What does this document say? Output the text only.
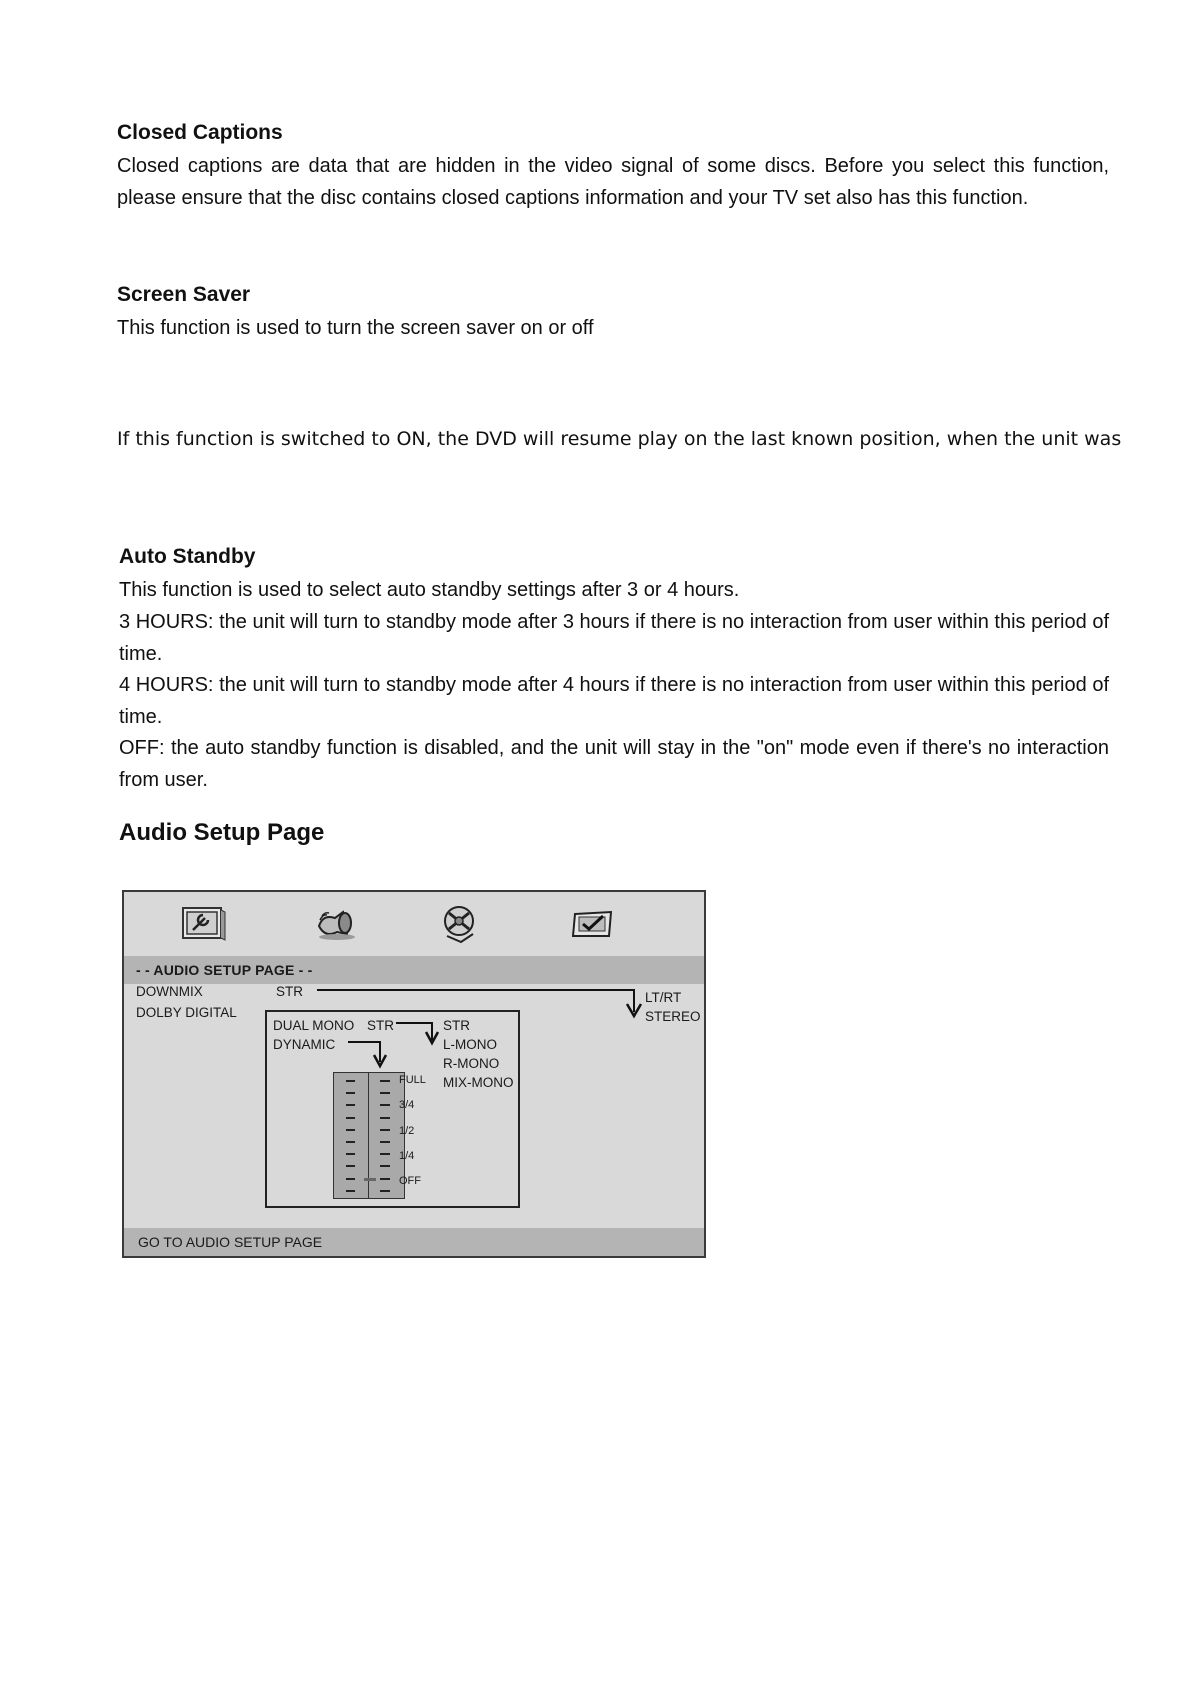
Closed Captions

Closed captions are data that are hidden in the video signal of some discs. Before you select this function, please ensure that the disc contains closed captions information and your TV set also has this function.

Screen Saver

This function is used to turn the screen saver on or off

If this function is switched to ON, the DVD will resume play on the last known position, when the unit was

Auto Standby

This function is used to select auto standby settings after 3 or 4 hours.

3 HOURS: the unit will turn to standby mode after 3 hours if there is no interaction from user within this period of time.

4 HOURS: the unit will turn to standby mode after 4 hours if there is no interaction from user within this period of time.

OFF: the auto standby function is disabled, and the unit will stay in the "on" mode even if there's no interaction from user.

Audio Setup Page
- - AUDIO SETUP PAGE - -
DOWNMIX	STR	LT/RT
STEREO
DOLBY DIGITAL
DUAL MONO STR
DYNAMIC
STR
L-MONO
R-MONO
MIX-MONO
FULL
3/4
1/2
1/4
OFF
GO TO AUDIO SETUP PAGE
